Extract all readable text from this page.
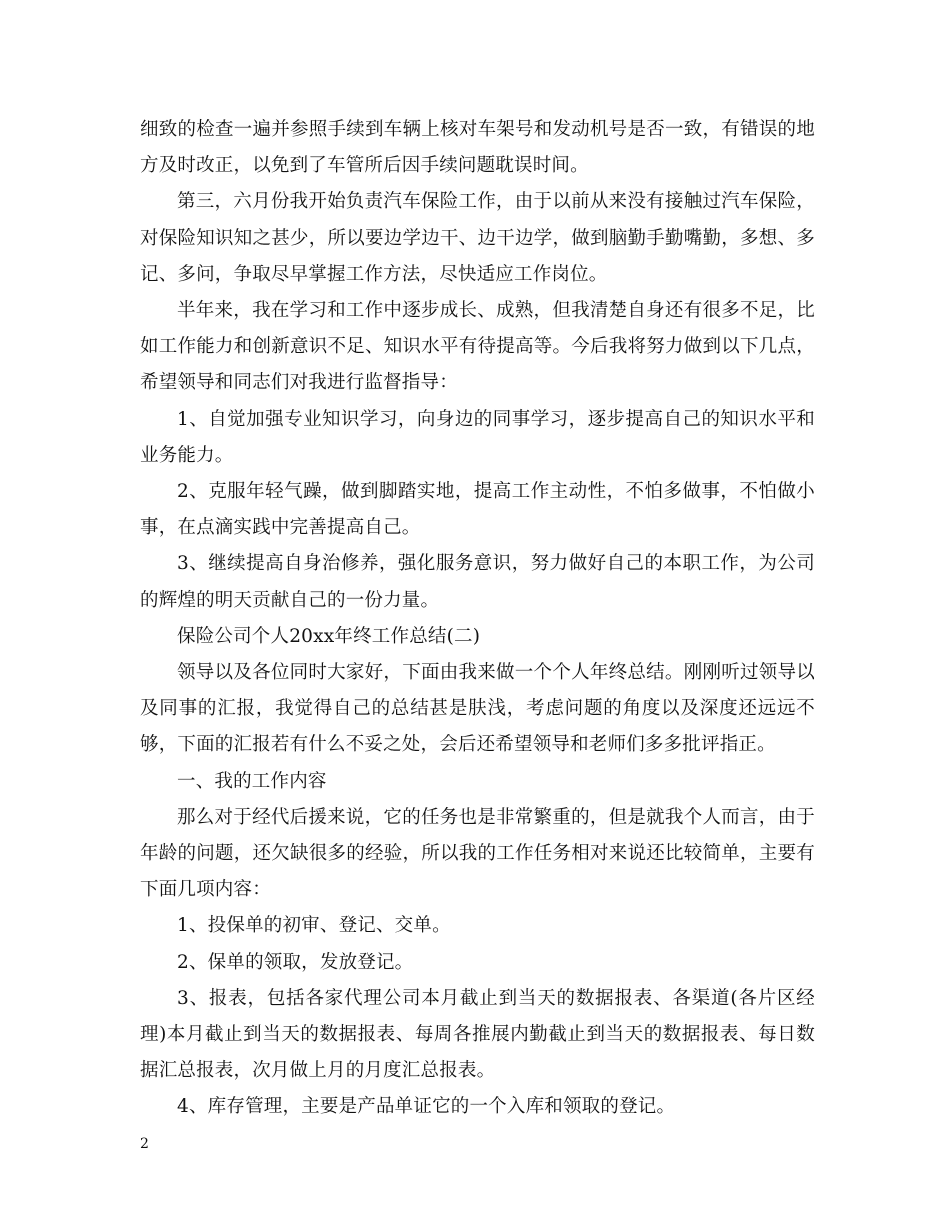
细致的检查一遍并参照手续到车辆上核对车架号和发动机号是否一致，有错误的地方及时改正，以免到了车管所后因手续问题耽误时间。

第三，六月份我开始负责汽车保险工作，由于以前从来没有接触过汽车保险，对保险知识知之甚少，所以要边学边干、边干边学，做到脑勤手勤嘴勤，多想、多记、多问，争取尽早掌握工作方法，尽快适应工作岗位。

半年来，我在学习和工作中逐步成长、成熟，但我清楚自身还有很多不足，比如工作能力和创新意识不足、知识水平有待提高等。今后我将努力做到以下几点，希望领导和同志们对我进行监督指导：

1、自觉加强专业知识学习，向身边的同事学习，逐步提高自己的知识水平和业务能力。

2、克服年轻气躁，做到脚踏实地，提高工作主动性，不怕多做事，不怕做小事，在点滴实践中完善提高自己。

3、继续提高自身治修养，强化服务意识，努力做好自己的本职工作，为公司的辉煌的明天贡献自己的一份力量。

保险公司个人20xx年终工作总结(二)

领导以及各位同时大家好，下面由我来做一个个人年终总结。刚刚听过领导以及同事的汇报，我觉得自己的总结甚是肤浅，考虑问题的角度以及深度还远远不够，下面的汇报若有什么不妥之处，会后还希望领导和老师们多多批评指正。

一、我的工作内容

那么对于经代后援来说，它的任务也是非常繁重的，但是就我个人而言，由于年龄的问题，还欠缺很多的经验，所以我的工作任务相对来说还比较简单，主要有下面几项内容：

1、投保单的初审、登记、交单。

2、保单的领取，发放登记。

3、报表，包括各家代理公司本月截止到当天的数据报表、各渠道(各片区经理)本月截止到当天的数据报表、每周各推展内勤截止到当天的数据报表、每日数据汇总报表，次月做上月的月度汇总报表。

4、库存管理，主要是产品单证它的一个入库和领取的登记。

2
